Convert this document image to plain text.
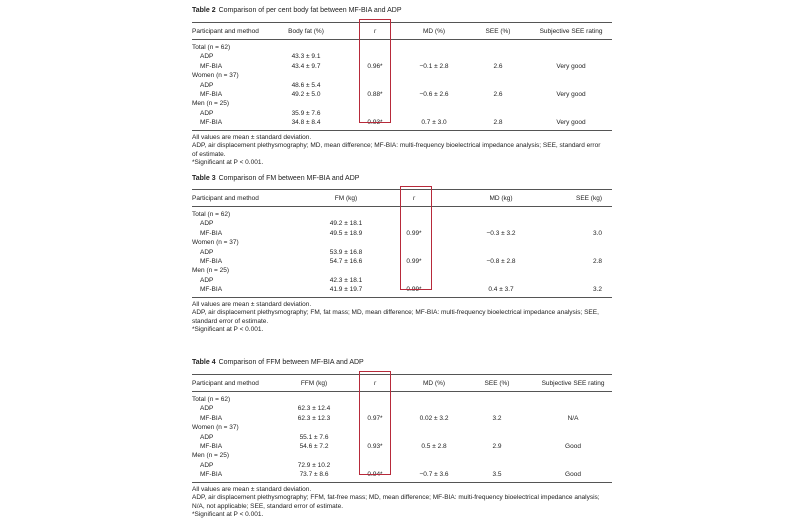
Table 2 Comparison of per cent body fat between MF-BIA and ADP
Participant and method	Body fat (%)	r	MD (%)	SEE (%)	Subjective SEE rating
Total (n = 62)
ADP	43.3 ± 9.1
MF-BIA	43.4 ± 9.7	0.96*	−0.1 ± 2.8	2.6	Very good
Women (n = 37)
ADP	48.6 ± 5.4
MF-BIA	49.2 ± 5.0	0.88*	−0.6 ± 2.6	2.6	Very good
Men (n = 25)
ADP	35.9 ± 7.6
MF-BIA	34.8 ± 8.4	0.93*	0.7 ± 3.0	2.8	Very good
All values are mean ± standard deviation.
ADP, air displacement plethysmography; MD, mean difference; MF-BIA: multi-frequency bioelectrical impedance analysis; SEE, standard error
of estimate.
*Significant at P < 0.001.
Table 3 Comparison of FM between MF-BIA and ADP
Participant and method	FM (kg)	r	MD (kg)	SEE (kg)
Total (n = 62)
ADP	49.2 ± 18.1
MF-BIA	49.5 ± 18.9	0.99*	−0.3 ± 3.2	3.0
Women (n = 37)
ADP	53.9 ± 16.8
MF-BIA	54.7 ± 16.6	0.99*	−0.8 ± 2.8	2.8
Men (n = 25)
ADP	42.3 ± 18.1
MF-BIA	41.9 ± 19.7	0.99*	0.4 ± 3.7	3.2
All values are mean ± standard deviation.
ADP, air displacement plethysmography; FM, fat mass; MD, mean difference; MF-BIA: multi-frequency bioelectrical impedance analysis; SEE,
standard error of estimate.
*Significant at P < 0.001.
Table 4 Comparison of FFM between MF-BIA and ADP
Participant and method	FFM (kg)	r	MD (%)	SEE (%)	Subjective SEE rating
Total (n = 62)
ADP	62.3 ± 12.4
MF-BIA	62.3 ± 12.3	0.97*	0.02 ± 3.2	3.2	N/A
Women (n = 37)
ADP	55.1 ± 7.6
MF-BIA	54.6 ± 7.2	0.93*	0.5 ± 2.8	2.9	Good
Men (n = 25)
ADP	72.9 ± 10.2
MF-BIA	73.7 ± 8.6	0.94*	−0.7 ± 3.6	3.5	Good
All values are mean ± standard deviation.
ADP, air displacement plethysmography; FFM, fat-free mass; MD, mean difference; MF-BIA: multi-frequency bioelectrical impedance analysis;
N/A, not applicable; SEE, standard error of estimate.
*Significant at P < 0.001.
